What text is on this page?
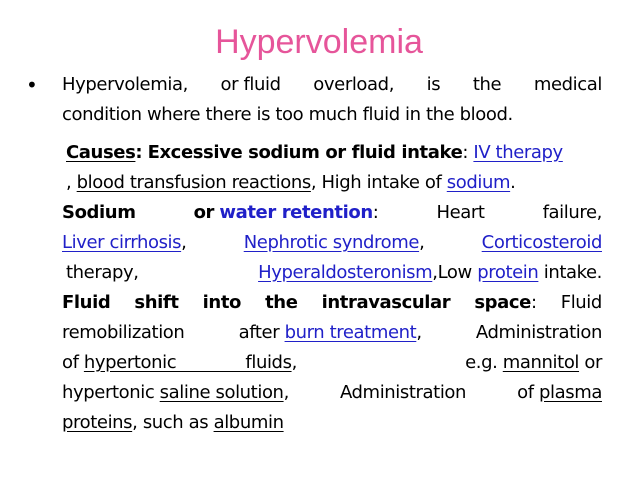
Hypervolemia
• Hypervolemia, or fluid overload, is the medical
condition where there is too much fluid in the blood.
Causes: Excessive sodium or fluid intake: IV therapy
, blood transfusion reactions, High intake of sodium.
Sodium	or water retention:	Heart	failure,
Liver cirrhosis,	Nephrotic syndrome,	Corticosteroid
therapy,	Hyperaldosteronism,Low protein intake.
Fluid shift into the intravascular space: Fluid
remobilization	after burn treatment,	Administration
of hypertonic             fluids,	e.g. mannitol or
hypertonic saline solution,	Administration	of plasma
proteins, such as albumin
